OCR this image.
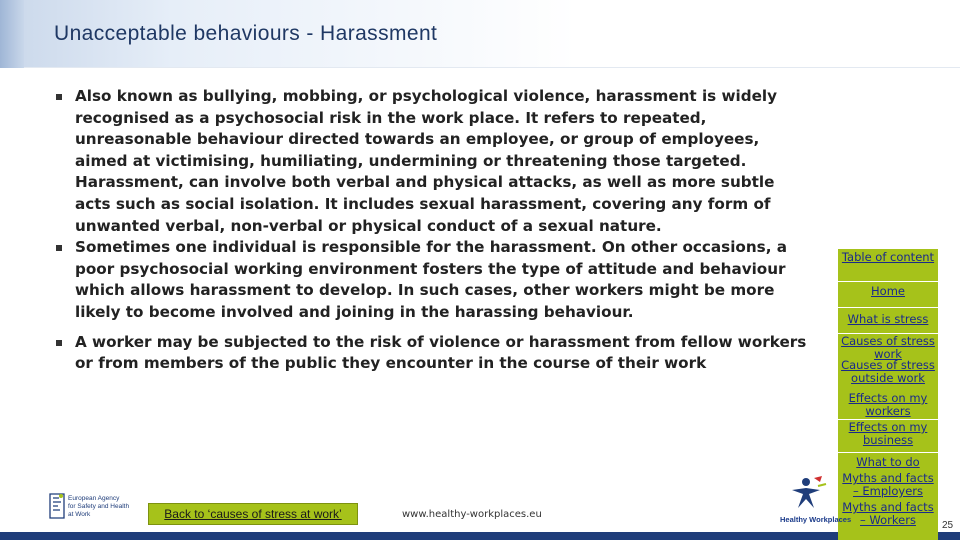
Unacceptable behaviours - Harassment
Also known as bullying, mobbing, or psychological violence, harassment is widely recognised as a psychosocial risk in the work place. It refers to repeated, unreasonable behaviour directed towards an employee, or group of employees, aimed at victimising, humiliating, undermining or threatening those targeted. Harassment, can involve both verbal and physical attacks, as well as more subtle acts such as social isolation. It includes sexual harassment, covering any form of unwanted verbal, non-verbal or physical conduct of a sexual nature.
Sometimes one individual is responsible for the harassment. On other occasions, a poor psychosocial working environment fosters the type of attitude and behaviour which allows harassment to develop. In such cases, other workers might be more likely to become involved and joining in the harassing behaviour.
A worker may be subjected to the risk of violence or harassment from fellow workers or from members of the public they encounter in the course of their work
Table of content
Home
What is stress
Causes of stress work
Causes of stress outside work
Effects on my workers
Effects on my business
What to do
Myths and facts – Employers
Myths and facts – Workers
European Agency
for Safety and Health
at Work	Back to ‘causes of stress at work’	www.healthy-workplaces.eu	Healthy Workplaces
25
